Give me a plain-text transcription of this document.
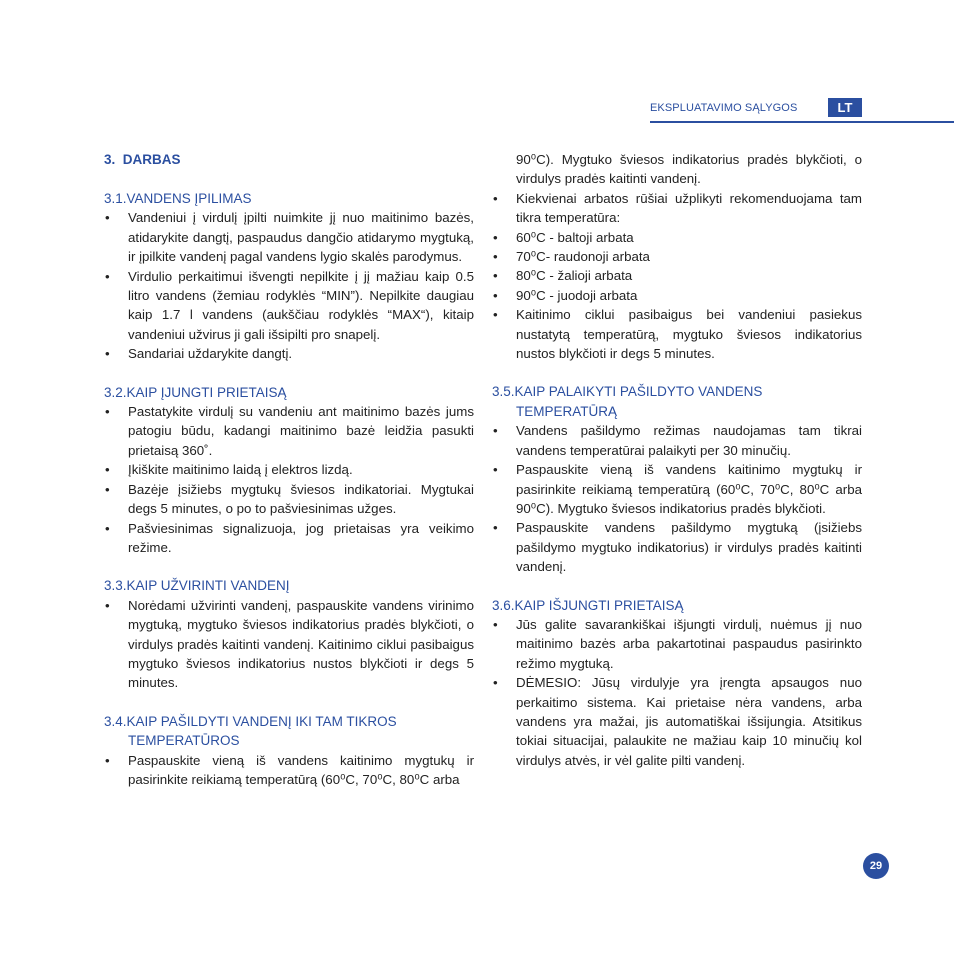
EKSPLUATAVIMO SĄLYGOS	LT

3. DARBAS

3.1.VANDENS ĮPILIMAS

• Vandeniui į virdulį įpilti nuimkite jį nuo maitinimo bazės, atidarykite dangtį, paspaudus dangčio atidarymo mygtuką, ir įpilkite vandenį pagal vandens lygio skalės parodymus.
• Virdulio perkaitimui išvengti nepilkite į jį mažiau kaip 0.5 litro vandens (žemiau rodyklės “MIN”). Nepilkite daugiau kaip 1.7 l vandens (aukščiau rodyklės “MAX“), kitaip vandeniui užvirus ji gali išsipilti pro snapelį.
• Sandariai uždarykite dangtį.

3.2.KAIP ĮJUNGTI PRIETAISĄ

• Pastatykite virdulį su vandeniu ant maitinimo bazės jums patogiu būdu, kadangi maitinimo bazė leidžia pasukti prietaisą 360˚.
• Įkiškite maitinimo laidą į elektros lizdą.
• Bazėje įsižiebs mygtukų šviesos indikatoriai. Mygtukai degs 5 minutes, o po to pašviesinimas užges.
• Pašviesinimas signalizuoja, jog prietaisas yra veikimo režime.

3.3.KAIP UŽVIRINTI VANDENĮ

• Norėdami užvirinti vandenį, paspauskite vandens virinimo mygtuką, mygtuko šviesos indikatorius pradės blykčioti, o virdulys pradės kaitinti vandenį. Kaitinimo ciklui pasibaigus mygtuko šviesos indikatorius nustos blykčioti ir degs 5 minutes.

3.4.KAIP PAŠILDYTI VANDENĮ IKI TAM TIKROS TEMPERATŪROS

• Paspauskite vieną iš vandens kaitinimo mygtukų ir pasirinkite reikiamą temperatūrą (60⁰C, 70⁰C, 80⁰C arba

90⁰C). Mygtuko šviesos indikatorius pradės blykčioti, o virdulys pradės kaitinti vandenį.

• Kiekvienai arbatos rūšiai užplikyti rekomenduojama tam tikra temperatūra:
• 60⁰C - baltoji arbata
• 70⁰C- raudonoji arbata
• 80⁰C - žalioji arbata
• 90⁰C - juodoji arbata
• Kaitinimo ciklui pasibaigus bei vandeniui pasiekus nustatytą temperatūrą, mygtuko šviesos indikatorius nustos blykčioti ir degs 5 minutes.

3.5.KAIP PALAIKYTI PAŠILDYTO VANDENS TEMPERATŪRĄ

• Vandens pašildymo režimas naudojamas tam tikrai vandens temperatūrai palaikyti per 30 minučių.
• Paspauskite vieną iš vandens kaitinimo mygtukų ir pasirinkite reikiamą temperatūrą (60⁰C, 70⁰C, 80⁰C arba 90⁰C). Mygtuko šviesos indikatorius pradės blykčioti.
• Paspauskite vandens pašildymo mygtuką (įsižiebs pašildymo mygtuko indikatorius) ir virdulys pradės kaitinti vandenį.

3.6.KAIP IŠJUNGTI PRIETAISĄ

• Jūs galite savarankiškai išjungti virdulį, nuėmus jį nuo maitinimo bazės arba pakartotinai paspaudus pasirinkto režimo mygtuką.
• DĖMESIO: Jūsų virdulyje yra įrengta apsaugos nuo perkaitimo sistema. Kai prietaise nėra vandens, arba vandens yra mažai, jis automatiškai išsijungia. Atsitikus tokiai situacijai, palaukite ne mažiau kaip 10 minučių kol virdulys atvės, ir vėl galite pilti vandenį.
29
